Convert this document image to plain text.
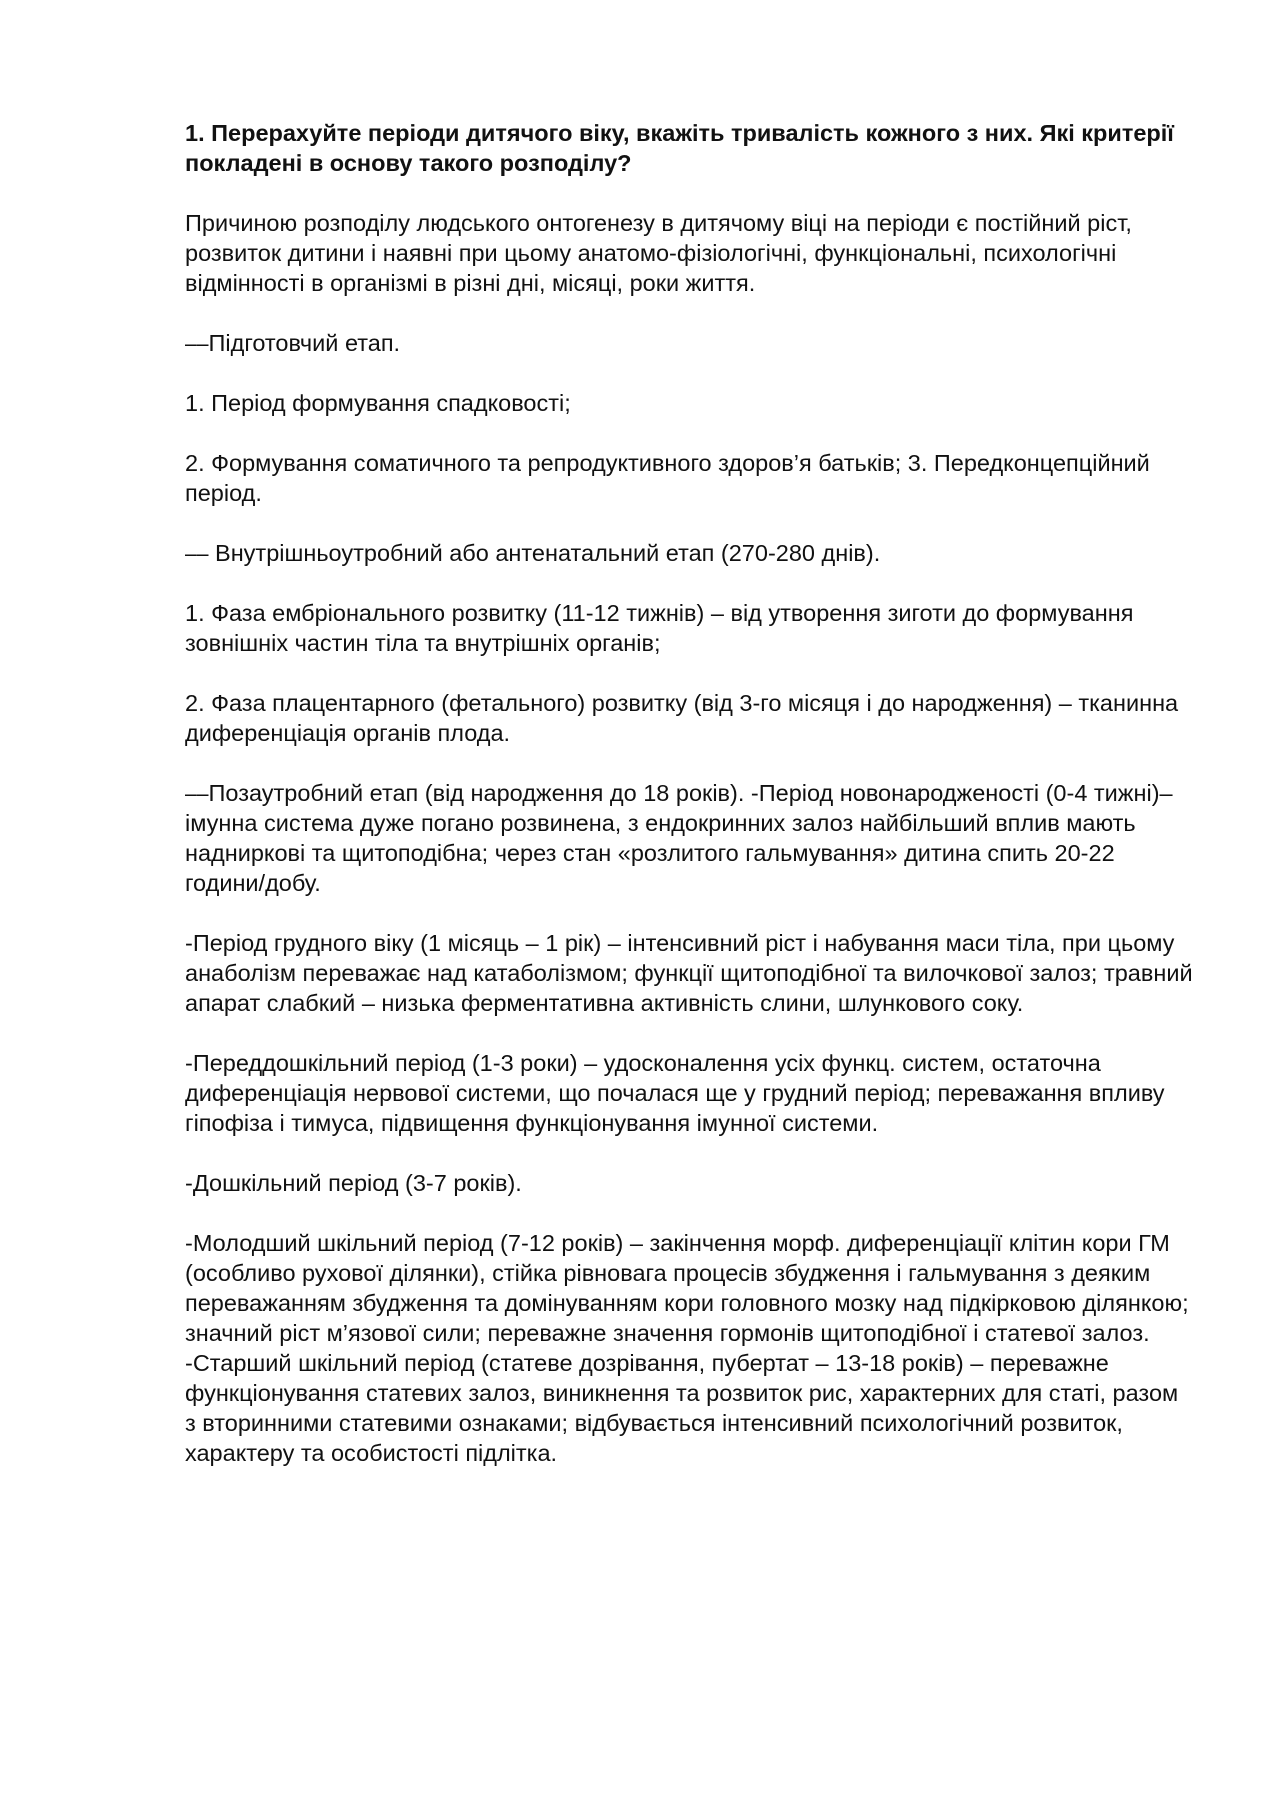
1. Перерахуйте періоди дитячого віку, вкажіть тривалість кожного з них. Які критерії покладені в основу такого розподілу?

Причиною розподілу людського онтогенезу в дитячому віці на періоди є постійний ріст, розвиток дитини і наявні при цьому анатомо-фізіологічні, функціональні, психологічні відмінності в організмі в різні дні, місяці, роки життя.

⎯⎯Підготовчий етап.

1. Період формування спадковості;

2. Формування соматичного та репродуктивного здоров’я батьків; 3. Передконцепційний період.

⎯⎯ Внутрішньоутробний або антенатальний етап (270-280 днів).

1. Фаза ембріонального розвитку (11-12 тижнів) – від утворення зиготи до формування зовнішніх частин тіла та внутрішніх органів;

2. Фаза плацентарного (фетального) розвитку (від 3-го місяця і до народження) – тканинна диференціація органів плода.

⎯⎯Позаутробний етап (від народження до 18 років). -Період новонародженості (0-4 тижні)– імунна система дуже погано розвинена, з ендокринних залоз найбільший вплив мають надниркові та щитоподібна; через стан «розлитого гальмування» дитина спить 20-22 години/добу.

-Період грудного віку (1 місяць – 1 рік) – інтенсивний ріст і набування маси тіла, при цьому анаболізм переважає над катаболізмом; функції щитоподібної та вилочкової залоз; травний апарат слабкий – низька ферментативна активність слини, шлункового соку.

-Переддошкільний період (1-3 роки) – удосконалення усіх функц. систем, остаточна диференціація нервової системи, що почалася ще у грудний період; переважання впливу гіпофіза і тимуса, підвищення функціонування імунної системи.

-Дошкільний період (3-7 років).

-Молодший шкільний період (7-12 років) – закінчення морф. диференціації клітин кори ГМ (особливо рухової ділянки), стійка рівновага процесів збудження і гальмування з деяким переважанням збудження та домінуванням кори головного мозку над підкірковою ділянкою; значний ріст м’язової сили; переважне значення гормонів щитоподібної і статевої залоз. -Старший шкільний період (статеве дозрівання, пубертат – 13-18 років) – переважне функціонування статевих залоз, виникнення та розвиток рис, характерних для статі, разом з вторинними статевими ознаками; відбувається інтенсивний психологічний розвиток, характеру та особистості підлітка.
